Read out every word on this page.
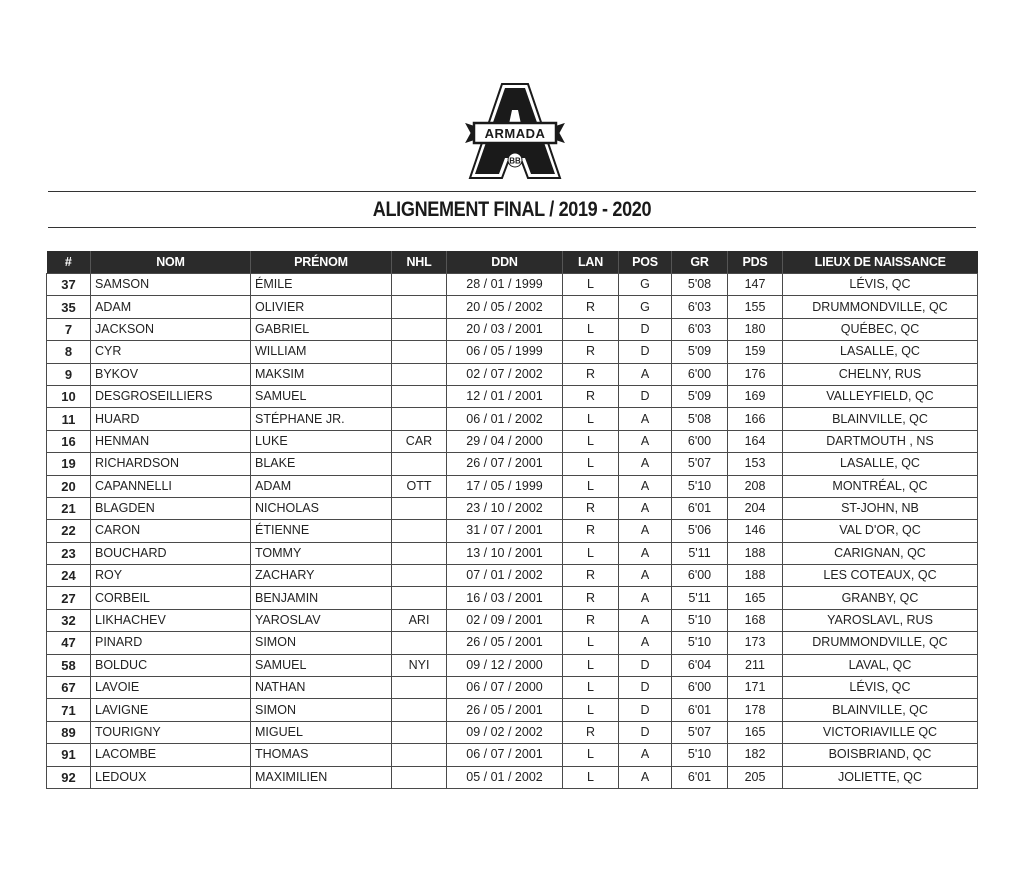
ARMADA
BB
ALIGNEMENT FINAL / 2019 - 2020
#	NOM	PRÉNOM	NHL	DDN	LAN	POS	GR	PDS	LIEUX DE NAISSANCE
37	SAMSON	ÉMILE		28 / 01 / 1999	L	G	5'08	147	LÉVIS, QC
35	ADAM	OLIVIER		20 / 05 / 2002	R	G	6'03	155	DRUMMONDVILLE, QC
7	JACKSON	GABRIEL		20 / 03 / 2001	L	D	6'03	180	QUÉBEC, QC
8	CYR	WILLIAM		06 / 05 / 1999	R	D	5'09	159	LASALLE, QC
9	BYKOV	MAKSIM		02 / 07 / 2002	R	A	6'00	176	CHELNY, RUS
10	DESGROSEILLIERS	SAMUEL		12 / 01 / 2001	R	D	5'09	169	VALLEYFIELD, QC
11	HUARD	STÉPHANE JR.		06 / 01 / 2002	L	A	5'08	166	BLAINVILLE, QC
16	HENMAN	LUKE	CAR	29 / 04 / 2000	L	A	6'00	164	DARTMOUTH , NS
19	RICHARDSON	BLAKE		26 / 07 / 2001	L	A	5'07	153	LASALLE, QC
20	CAPANNELLI	ADAM	OTT	17 / 05 / 1999	L	A	5'10	208	MONTRÉAL, QC
21	BLAGDEN	NICHOLAS		23 / 10 / 2002	R	A	6'01	204	ST-JOHN, NB
22	CARON	ÉTIENNE		31 / 07 / 2001	R	A	5'06	146	VAL D'OR, QC
23	BOUCHARD	TOMMY		13 / 10 / 2001	L	A	5'11	188	CARIGNAN, QC
24	ROY	ZACHARY		07 / 01 / 2002	R	A	6'00	188	LES COTEAUX, QC
27	CORBEIL	BENJAMIN		16 / 03 / 2001	R	A	5'11	165	GRANBY, QC
32	LIKHACHEV	YAROSLAV	ARI	02 / 09 / 2001	R	A	5'10	168	YAROSLAVL, RUS
47	PINARD	SIMON		26 / 05 / 2001	L	A	5'10	173	DRUMMONDVILLE, QC
58	BOLDUC	SAMUEL	NYI	09 / 12 / 2000	L	D	6'04	211	LAVAL, QC
67	LAVOIE	NATHAN		06 / 07 / 2000	L	D	6'00	171	LÉVIS, QC
71	LAVIGNE	SIMON		26 / 05 / 2001	L	D	6'01	178	BLAINVILLE, QC
89	TOURIGNY	MIGUEL		09 / 02 / 2002	R	D	5'07	165	VICTORIAVILLE QC
91	LACOMBE	THOMAS		06 / 07 / 2001	L	A	5'10	182	BOISBRIAND, QC
92	LEDOUX	MAXIMILIEN		05 / 01 / 2002	L	A	6'01	205	JOLIETTE, QC
